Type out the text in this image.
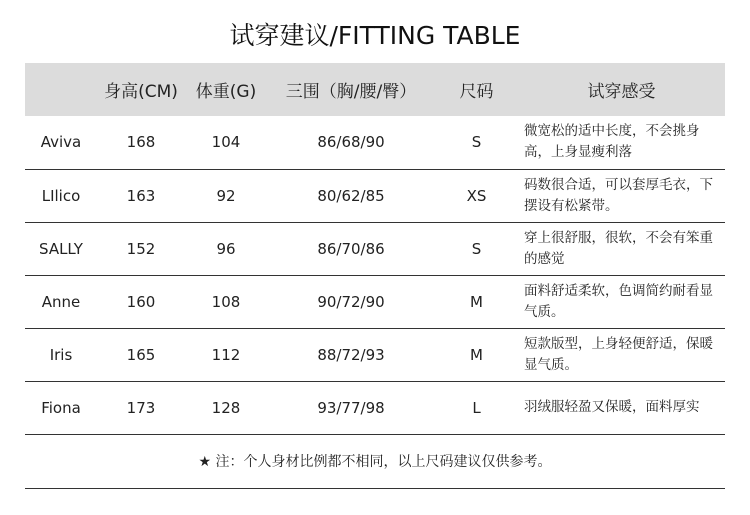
试穿建议/FITTING TABLE
	身高(CM)	体重(G)	三围（胸/腰/臀）	尺码	试穿感受
Aviva	168	104	86/68/90	S	微宽松的适中长度，不会挑身高，上身显瘦利落
LIlico	163	92	80/62/85	XS	码数很合适，可以套厚毛衣，下摆设有松紧带。
SALLY	152	96	86/70/86	S	穿上很舒服，很软，不会有笨重的感觉
Anne	160	108	90/72/90	M	面料舒适柔软，色调简约耐看显气质。
Iris	165	112	88/72/93	M	短款版型，上身轻便舒适，保暖显气质。
Fiona	173	128	93/77/98	L	羽绒服轻盈又保暖，面料厚实
★ 注：个人身材比例都不相同，以上尺码建议仅供参考。					
